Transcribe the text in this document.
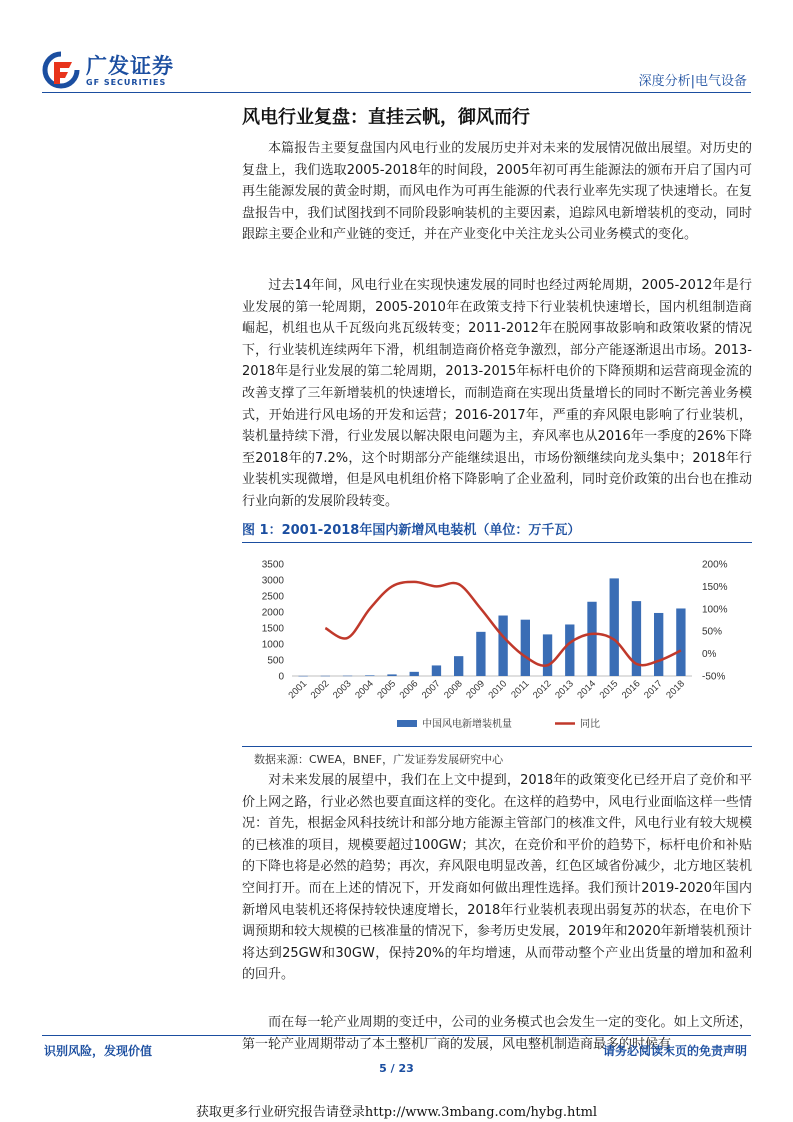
广发证券
GF SECURITIES	深度分析|电气设备
风电行业复盘：直挂云帆，御风而行

本篇报告主要复盘国内风电行业的发展历史并对未来的发展情况做出展望。对历史的复盘上，我们选取2005-2018年的时间段，2005年初可再生能源法的颁布开启了国内可再生能源发展的黄金时期，而风电作为可再生能源的代表行业率先实现了快速增长。在复盘报告中，我们试图找到不同阶段影响装机的主要因素，追踪风电新增装机的变动，同时跟踪主要企业和产业链的变迁，并在产业变化中关注龙头公司业务模式的变化。

过去14年间，风电行业在实现快速发展的同时也经过两轮周期，2005-2012年是行业发展的第一轮周期，2005-2010年在政策支持下行业装机快速增长，国内机组制造商崛起，机组也从千瓦级向兆瓦级转变；2011-2012年在脱网事故影响和政策收紧的情况下，行业装机连续两年下滑，机组制造商价格竞争激烈，部分产能逐渐退出市场。2013-2018年是行业发展的第二轮周期，2013-2015年标杆电价的下降预期和运营商现金流的改善支撑了三年新增装机的快速增长，而制造商在实现出货量增长的同时不断完善业务模式，开始进行风电场的开发和运营；2016-2017年，严重的弃风限电影响了行业装机，装机量持续下滑，行业发展以解决限电问题为主，弃风率也从2016年一季度的26%下降至2018年的7.2%，这个时期部分产能继续退出，市场份额继续向龙头集中；2018年行业装机实现微增，但是风电机组价格下降影响了企业盈利，同时竞价政策的出台也在推动行业向新的发展阶段转变。

图 1：2001-2018年国内新增风电装机（单位：万千瓦）
0
500
1000
1500
2000
2500
3000
3500
-50%
0%
50%
100%
150%
200%
2001 2002 2003 2004 2005 2006 2007 2008 2009 2010 2011 2012 2013 2014 2015 2016 2017 2018
中国风电新增装机量	同比
数据来源：CWEA，BNEF，广发证券发展研究中心

对未来发展的展望中，我们在上文中提到，2018年的政策变化已经开启了竞价和平价上网之路，行业必然也要直面这样的变化。在这样的趋势中，风电行业面临这样一些情况：首先，根据金风科技统计和部分地方能源主管部门的核准文件，风电行业有较大规模的已核准的项目，规模要超过100GW；其次，在竞价和平价的趋势下，标杆电价和补贴的下降也将是必然的趋势；再次，弃风限电明显改善，红色区域省份减少，北方地区装机空间打开。而在上述的情况下，开发商如何做出理性选择。我们预计2019-2020年国内新增风电装机还将保持较快速度增长，2018年行业装机表现出弱复苏的状态，在电价下调预期和较大规模的已核准量的情况下，参考历史发展，2019年和2020年新增装机预计将达到25GW和30GW，保持20%的年均增速，从而带动整个产业出货量的增加和盈利的回升。

而在每一轮产业周期的变迁中，公司的业务模式也会发生一定的变化。如上文所述，第一轮产业周期带动了本土整机厂商的发展，风电整机制造商最多的时候有

识别风险，发现价值	请务必阅读末页的免责声明
5 / 23
获取更多行业研究报告请登录http://www.3mbang.com/hybg.html
